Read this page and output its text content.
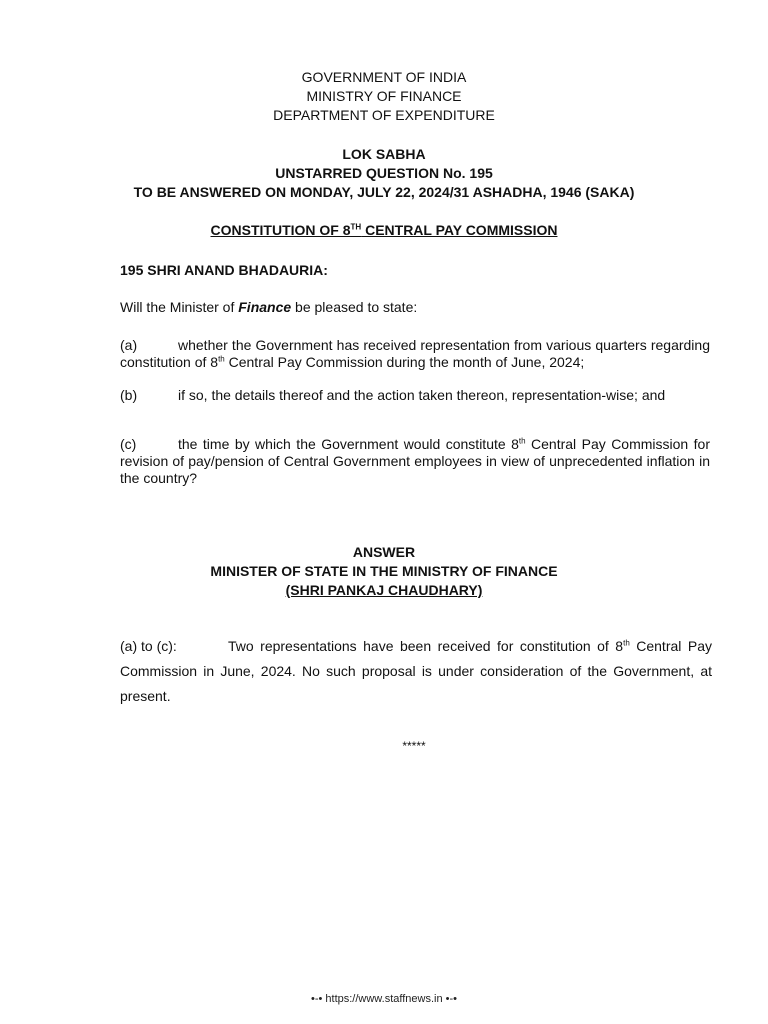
GOVERNMENT OF INDIA
MINISTRY OF FINANCE
DEPARTMENT OF EXPENDITURE
LOK SABHA
UNSTARRED QUESTION No. 195
TO BE ANSWERED ON MONDAY, JULY 22, 2024/31 ASHADHA, 1946 (SAKA)
CONSTITUTION OF 8TH CENTRAL PAY COMMISSION
195 SHRI ANAND BHADAURIA:
Will the Minister of Finance be pleased to state:
(a)	whether the Government has received representation from various quarters regarding constitution of 8th Central Pay Commission during the month of June, 2024;
(b)	if so, the details thereof and the action taken thereon, representation-wise; and
(c)	the time by which the Government would constitute 8th Central Pay Commission for revision of pay/pension of Central Government employees in view of unprecedented inflation in the country?
ANSWER
MINISTER OF STATE IN THE MINISTRY OF FINANCE
(SHRI PANKAJ CHAUDHARY)
(a) to (c):	Two representations have been received for constitution of 8th Central Pay Commission in June, 2024. No such proposal is under consideration of the Government, at present.
*****
•-• https://www.staffnews.in •-•
